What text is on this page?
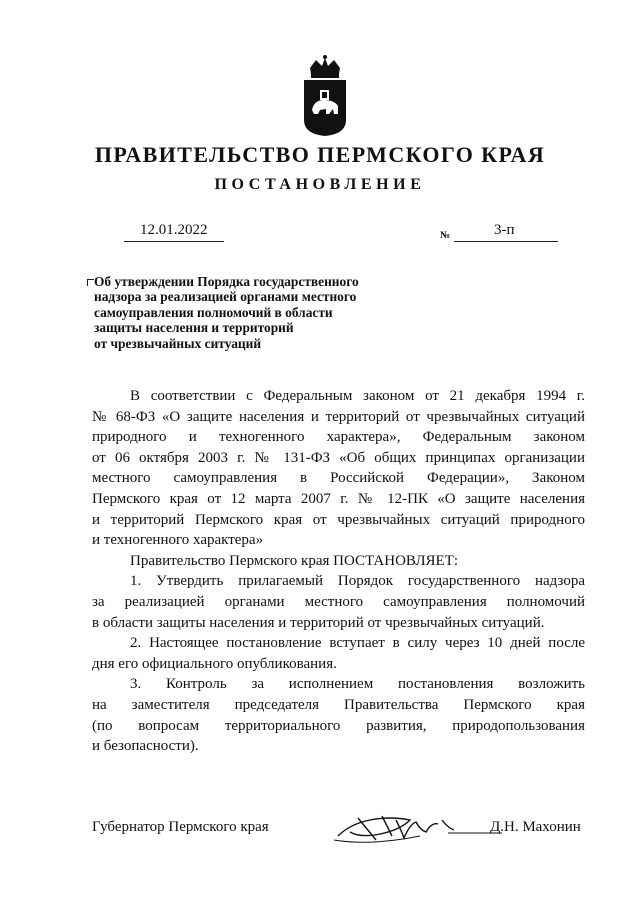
ПРАВИТЕЛЬСТВО ПЕРМСКОГО КРАЯ
ПОСТАНОВЛЕНИЕ
12.01.2022	№	3-п
Об утверждении Порядка государственного
надзора за реализацией органами местного
самоуправления полномочий в области
защиты населения и территорий
от чрезвычайных ситуаций

В соответствии с Федеральным законом от 21 декабря 1994 г.

№ 68-ФЗ «О защите населения и территорий от чрезвычайных ситуаций

природного и техногенного характера», Федеральным законом

от 06 октября 2003 г. № 131-ФЗ «Об общих принципах организации

местного самоуправления в Российской Федерации», Законом

Пермского края от 12 марта 2007 г. № 12-ПК «О защите населения

и территорий Пермского края от чрезвычайных ситуаций природного

и техногенного характера»

Правительство Пермского края ПОСТАНОВЛЯЕТ:

1. Утвердить прилагаемый Порядок государственного надзора

за реализацией органами местного самоуправления полномочий

в области защиты населения и территорий от чрезвычайных ситуаций.

2. Настоящее постановление вступает в силу через 10 дней после

дня его официального опубликования.

3. Контроль за исполнением постановления возложить

на заместителя председателя Правительства Пермского края

(по вопросам территориального развития, природопользования

и безопасности).

Губернатор Пермского края	Д.Н. Махонин
